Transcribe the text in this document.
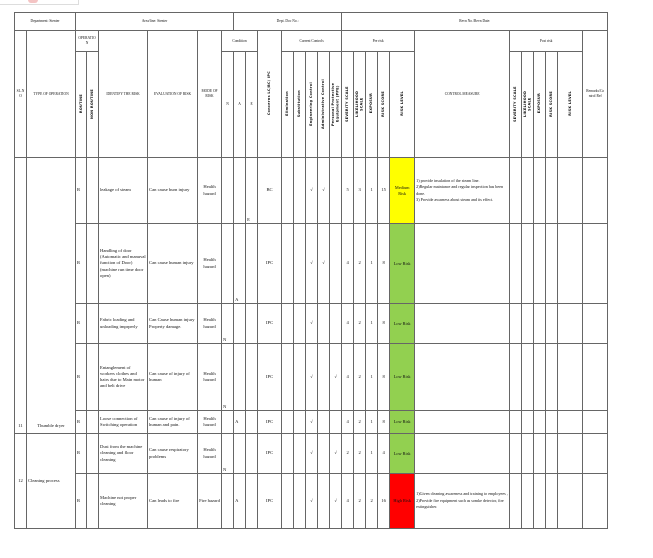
Department: Stenter		Area/line: Stenter						Dept. Doc No.:								Revn No./Revn Date:											
SL.N O	TYPE OF OPERATION	OPERATIO N		IDENTIFY THE RISK	EVALUATION OF RISK	MODE OF RISK	Condition			Concerns LC/BC/ IPC	Current Controls					Pre risk					CONTROL MEASURE	Post risk					Remarks/Co ntrol Ref
		ROUTINE	NON ROUTINE				N	A	E		Elimination	Substitution	Engineering Control	Administrative Control	Personal Protective Equipment (PPE)	SEVERITY SCALE	LIKELIHOOD SCALE	EXPOSUR	RISK SCORE	RISK LEVEL		SEVERITY SCALE	LIKELIHOOD SCALE	EXPOSUR	RISK SCORE	RISK LEVEL	
11	Thumble dryer	R		leakage of steam	Can cause burn injury	Health hazard			E	BC			√	√		5	3	1	15	Medium Risk	1) provide insulation of the steam line.
2)Regular maintance and regular inspection has been done.
3) Provide awarness about steam and its effect.						

		R		Handling of door (Automatic and manuval function of Door) (machine run time door open)	Can cause human injury	Health hazard		A		IPC			√	√		4	2	1	8	Low Risk							
		R		Fabric loading and unloading imprperly	Can Cause human injury Property damage.	Health hazard	N			IPC			√			4	2	1	8	Low Risk							
		R		Entanglement of workers clothes and hairs due to Main motor and belt drive	Can cause of injury of human	Health hazard	N			IPC			√		√	4	2	1	8	Low Risk							
		R		Loose connection of Switching operation	Can cause of injury of human and pain.	Health hazard		A		IPC			√			4	2	1	8	Low Risk							
12	Cleaning process	R		Dust from the machine cleaning and floor cleaning	Can cause respiratory problems	Health hazard	N			IPC			√		√	2	2	1	4	Low Risk							
		R		Machine not proper cleaning	Can leads to fire	Fire hazard		A		IPC			√		√	4	2	2	16	High Risk	1)Given cleaning awareness and training to employees ,
2)Provide fire equipment such as somke detector, fire extinguisher.						
